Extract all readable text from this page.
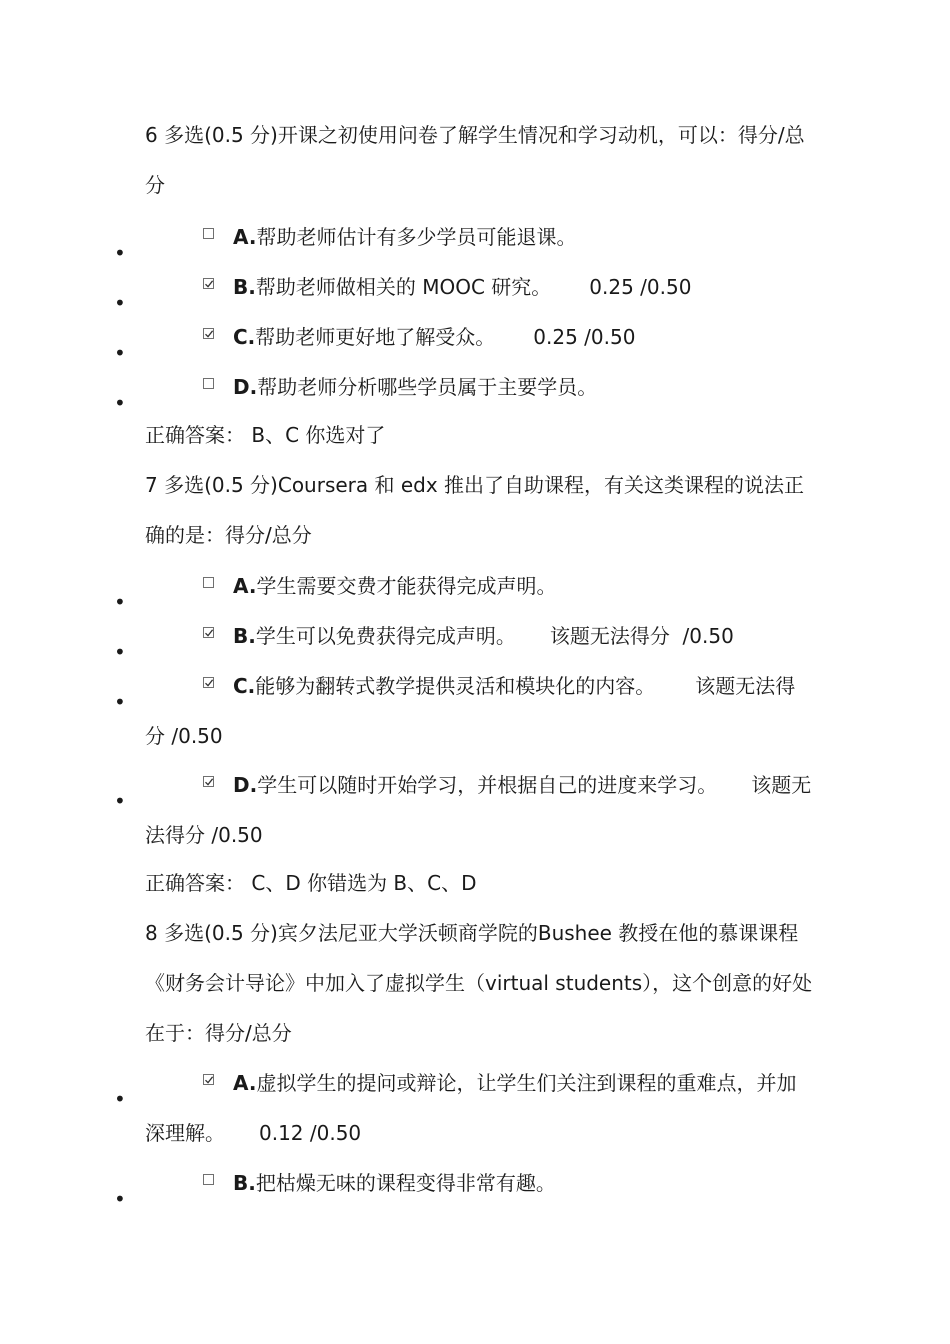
6 多选(0.5 分)开课之初使用问卷了解学生情况和学习动机，可以：得分/总分

•
A.帮助老师估计有多少学员可能退课。
•
B.帮助老师做相关的 MOOC 研究。 0.25 /0.50
•
C.帮助老师更好地了解受众。 0.25 /0.50
•
D.帮助老师分析哪些学员属于主要学员。

正确答案： B、C 你选对了

7 多选(0.5 分)Coursera 和 edx 推出了自助课程，有关这类课程的说法正确的是：得分/总分

•
A.学生需要交费才能获得完成声明。
•
B.学生可以免费获得完成声明。 该题无法得分  /0.50
•
C.能够为翻转式教学提供灵活和模块化的内容。 该题无法得分 /0.50
•
D.学生可以随时开始学习，并根据自己的进度来学习。 该题无法得分 /0.50

正确答案： C、D 你错选为 B、C、D

8 多选(0.5 分)宾夕法尼亚大学沃顿商学院的Bushee 教授在他的慕课课程《财务会计导论》中加入了虚拟学生（virtual students），这个创意的好处在于：得分/总分

•
A.虚拟学生的提问或辩论，让学生们关注到课程的重难点，并加深理解。 0.12 /0.50
•
B.把枯燥无味的课程变得非常有趣。
